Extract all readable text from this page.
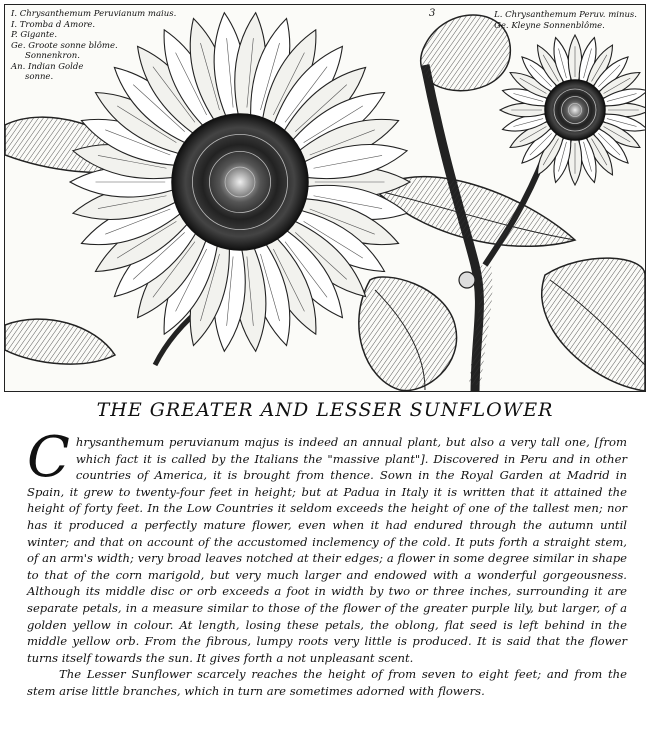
I. Chrysanthemum Peruvianum maius.
I. Tromba d Amore.
P. Gigante.
Ge. Groote sonne blôme.
Sonnenkron.
An. Indian Golde
sonne.
3	L. Chrysanthemum Peruv. minus.
Ge. Kleyne Sonnenblôme.
THE GREATER AND LESSER SUNFLOWER

Chrysanthemum peruvianum majus is indeed an annual plant, but also a very tall one, [from which fact it is called by the Italians the "massive plant"]. Discovered in Peru and in other countries of America, it is brought from thence. Sown in the Royal Garden at Madrid in Spain, it grew to twenty-four feet in height; but at Padua in Italy it is written that it attained the height of forty feet. In the Low Countries it seldom exceeds the height of one of the tallest men; nor has it produced a perfectly mature flower, even when it had endured through the autumn until winter; and that on account of the accustomed inclemency of the cold. It puts forth a straight stem, of an arm's width; very broad leaves notched at their edges; a flower in some degree similar in shape to that of the corn marigold, but very much larger and endowed with a wonderful gorgeousness. Although its middle disc or orb exceeds a foot in width by two or three inches, surrounding it are separate petals, in a measure similar to those of the flower of the greater purple lily, but larger, of a golden yellow in colour. At length, losing these petals, the oblong, flat seed is left behind in the middle yellow orb. From the fibrous, lumpy roots very little is produced. It is said that the flower turns itself towards the sun. It gives forth a not unpleasant scent.

The Lesser Sunflower scarcely reaches the height of from seven to eight feet; and from the stem arise little branches, which in turn are sometimes adorned with flowers.
